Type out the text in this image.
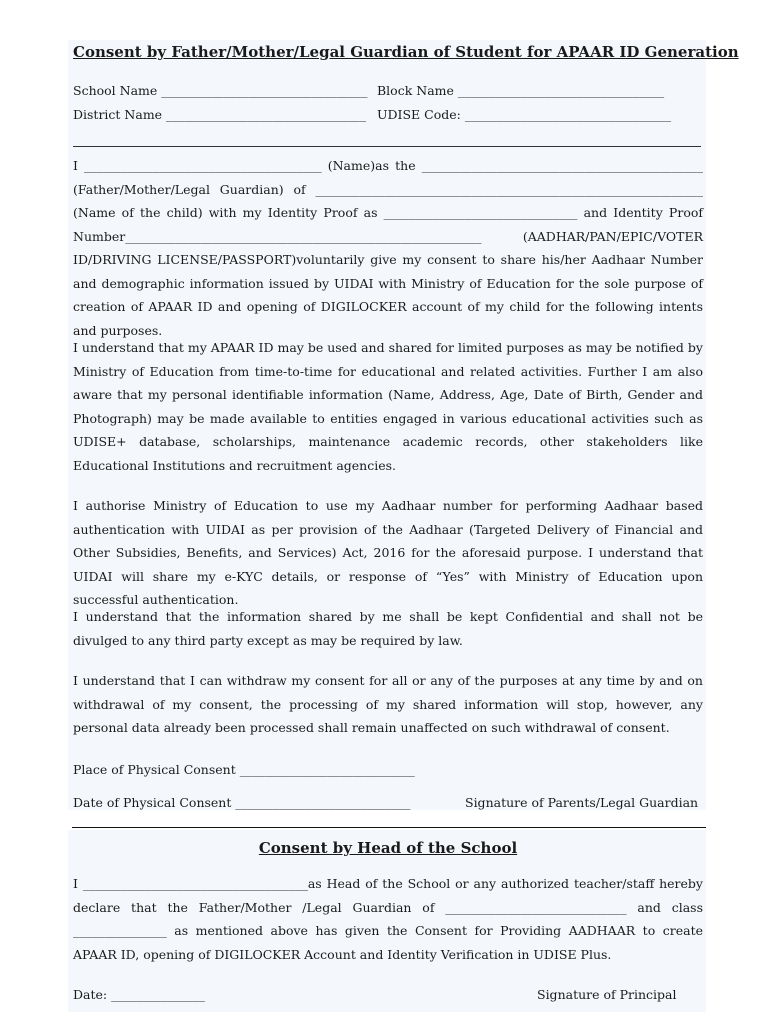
Consent by Father/Mother/Legal Guardian of Student for APAAR ID Generation
School Name _________________________________ Block Name _________________________________
District Name ________________________________ UDISE Code: _________________________________
I ______________________________________ (Name)as the _____________________________________________ (Father/Mother/Legal Guardian) of ______________________________________________________________ (Name of the child) with my Identity Proof as _______________________________ and Identity Proof Number_________________________________________________________ (AADHAR/PAN/EPIC/VOTER ID/DRIVING LICENSE/PASSPORT)voluntarily give my consent to share his/her Aadhaar Number and demographic information issued by UIDAI with Ministry of Education for the sole purpose of creation of APAAR ID and opening of DIGILOCKER account of my child for the following intents and purposes.
I understand that my APAAR ID may be used and shared for limited purposes as may be notified by Ministry of Education from time-to-time for educational and related activities. Further I am also aware that my personal identifiable information (Name, Address, Age, Date of Birth, Gender and Photograph) may be made available to entities engaged in various educational activities such as UDISE+ database, scholarships, maintenance academic records, other stakeholders like Educational Institutions and recruitment agencies.
I authorise Ministry of Education to use my Aadhaar number for performing Aadhaar based authentication with UIDAI as per provision of the Aadhaar (Targeted Delivery of Financial and Other Subsidies, Benefits, and Services) Act, 2016 for the aforesaid purpose. I understand that UIDAI will share my e-KYC details, or response of “Yes” with Ministry of Education upon successful authentication.
I understand that the information shared by me shall be kept Confidential and shall not be divulged to any third party except as may be required by law.
I understand that I can withdraw my consent for all or any of the purposes at any time by and on withdrawal of my consent, the processing of my shared information will stop, however, any personal data already been processed shall remain unaffected on such withdrawal of consent.
Place of Physical Consent ____________________________
Date of Physical Consent ____________________________	Signature of Parents/Legal Guardian
Consent by Head of the School
I ____________________________________as Head of the School or any authorized teacher/staff hereby declare that the Father/Mother /Legal Guardian of _____________________________ and class _______________ as mentioned above has given the Consent for Providing AADHAAR to create APAAR ID, opening of DIGILOCKER Account and Identity Verification in UDISE Plus.
Date: _______________	Signature of Principal
